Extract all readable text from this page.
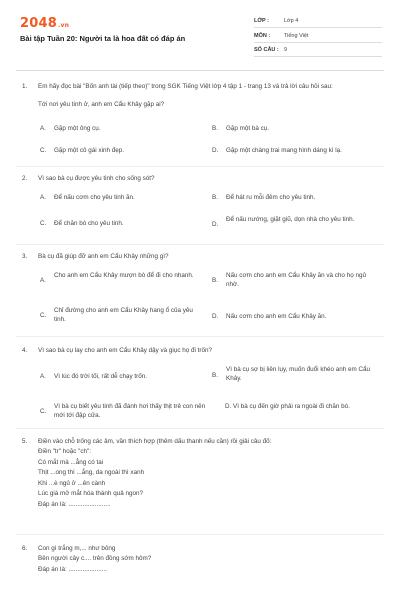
2048.vn
Bài tập Tuần 20: Người ta là hoa đất có đáp án
LỚP :	Lớp 4
MÔN :	Tiếng Việt
SỐ CÂU : 9
1. Em hãy đọc bài "Bốn anh tài (tiếp theo)" trong SGK Tiếng Việt lớp 4 tập 1 - trang 13 và trả lời câu hỏi sau:
Tới nơi yêu tinh ở, anh em Cẩu Khây gặp ai?
A. Gặp một ông cụ.	B. Gặp một bà cụ.
C. Gặp một cô gái xinh đẹp.	D. Gặp một chàng trai mang hình dáng kì lạ.
2. Vì sao bà cụ được yêu tinh cho sống sót?
A. Để nấu cơm cho yêu tinh ăn.	B. Để hát ru mỗi đêm cho yêu tinh.
C. Để chăn bò cho yêu tinh.	D.
Để nấu nướng, giặt giũ, dọn nhà cho yêu tinh.
3. Bà cụ đã giúp đỡ anh em Cẩu Khây những gì?
A.
Cho anh em Cẩu Khây mượn bò để đi cho nhanh.
B.
Nấu cơm cho anh em Cẩu Khây ăn và cho họ ngủ nhờ.
C.
Chỉ đường cho anh em Cẩu Khây hang ổ của yêu tinh.	D. Nấu cơm cho anh em Cẩu Khây ăn.
4. Vì sao bà cụ lay cho anh em Cẩu Khây dậy và giục họ đi trốn?
A. Vì lúc đó trời tối, rất dễ chạy trốn.	B.
Vì bà cụ sợ bị liên lụy, muốn đuổi khéo anh em Cẩu Khây.
C.
Vì bà cụ biết yêu tinh đã đánh hơi thấy thịt trẻ con nên mới tới đập cửa.
D. Vì bà cụ đến giờ phải ra ngoài đi chăn bò.
5. Điền vào chỗ trống các âm, vần thích hợp (thêm dấu thanh nếu cần) rồi giải câu đố:
Điền "tr" hoặc "ch":
Có mắt mà ...ẳng có tai
Thịt ...ong thì ...ắng, da ngoài thì xanh
Khi ...è ngủ ở ...ên cành
Lúc già mở mắt hóa thành quả ngon?
Đáp án là: ........................
6. Con gì trắng m,... như bông
Bên người cây c.... trên đồng sớm hôm?
Đáp án là: ......................
